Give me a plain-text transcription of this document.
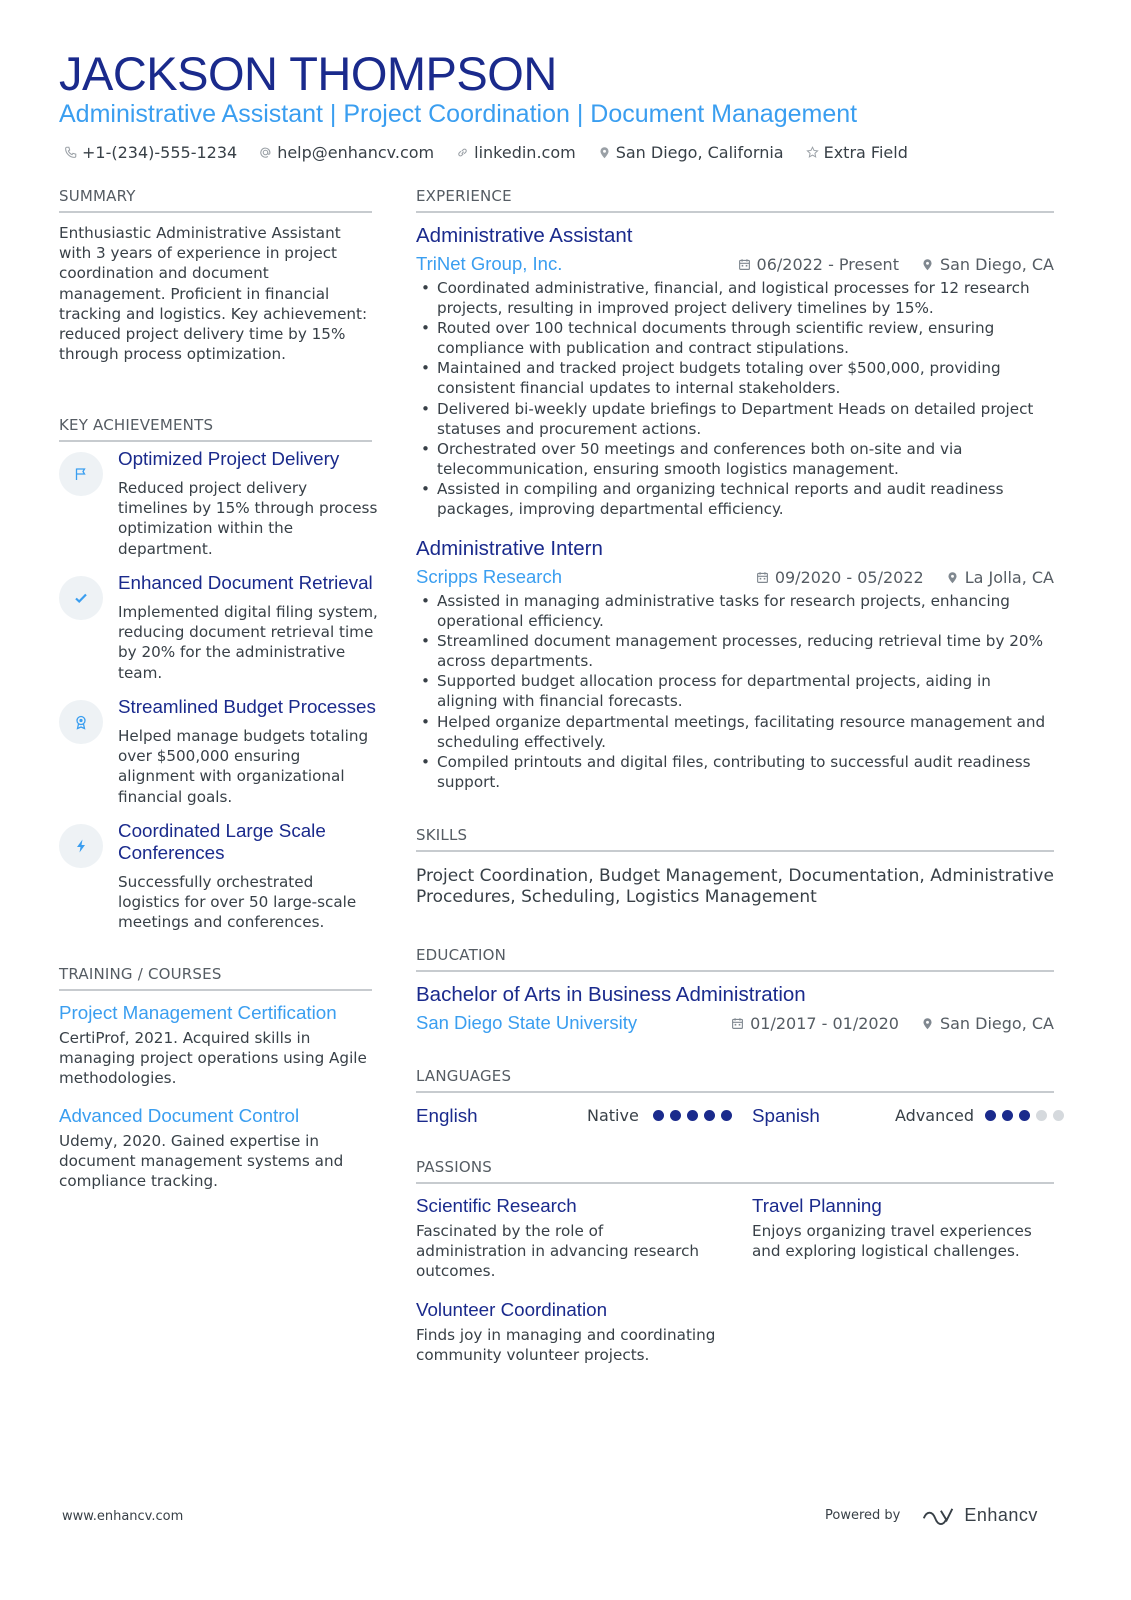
JACKSON THOMPSON
Administrative Assistant | Project Coordination | Document Management
+1-(234)-555-1234	help@enhancv.com	linkedin.com	San Diego, California	Extra Field
SUMMARY
Enthusiastic Administrative Assistant with 3 years of experience in project coordination and document management. Proficient in financial tracking and logistics. Key achievement: reduced project delivery time by 15% through process optimization.
KEY ACHIEVEMENTS
Optimized Project Delivery
Reduced project delivery timelines by 15% through process optimization within the department.
Enhanced Document Retrieval
Implemented digital filing system, reducing document retrieval time by 20% for the administrative team.
Streamlined Budget Processes
Helped manage budgets totaling over $500,000 ensuring alignment with organizational financial goals.
Coordinated Large Scale Conferences
Successfully orchestrated logistics for over 50 large-scale meetings and conferences.
TRAINING / COURSES
Project Management Certification
CertiProf, 2021. Acquired skills in managing project operations using Agile methodologies.
Advanced Document Control
Udemy, 2020. Gained expertise in document management systems and compliance tracking.
EXPERIENCE
Administrative Assistant
TriNet Group, Inc.	06/2022 - Present	San Diego, CA
• Coordinated administrative, financial, and logistical processes for 12 research projects, resulting in improved project delivery timelines by 15%.
• Routed over 100 technical documents through scientific review, ensuring compliance with publication and contract stipulations.
• Maintained and tracked project budgets totaling over $500,000, providing consistent financial updates to internal stakeholders.
• Delivered bi-weekly update briefings to Department Heads on detailed project statuses and procurement actions.
• Orchestrated over 50 meetings and conferences both on-site and via telecommunication, ensuring smooth logistics management.
• Assisted in compiling and organizing technical reports and audit readiness packages, improving departmental efficiency.
Administrative Intern
Scripps Research	09/2020 - 05/2022	La Jolla, CA
• Assisted in managing administrative tasks for research projects, enhancing operational efficiency.
• Streamlined document management processes, reducing retrieval time by 20% across departments.
• Supported budget allocation process for departmental projects, aiding in aligning with financial forecasts.
• Helped organize departmental meetings, facilitating resource management and scheduling effectively.
• Compiled printouts and digital files, contributing to successful audit readiness support.
SKILLS
Project Coordination, Budget Management, Documentation, Administrative Procedures, Scheduling, Logistics Management
EDUCATION
Bachelor of Arts in Business Administration
San Diego State University	01/2017 - 01/2020	San Diego, CA
LANGUAGES
English	Native	Spanish	Advanced
PASSIONS
Scientific Research
Fascinated by the role of administration in advancing research outcomes.
Travel Planning
Enjoys organizing travel experiences and exploring logistical challenges.
Volunteer Coordination
Finds joy in managing and coordinating community volunteer projects.
www.enhancv.com	Powered by	Enhancv
